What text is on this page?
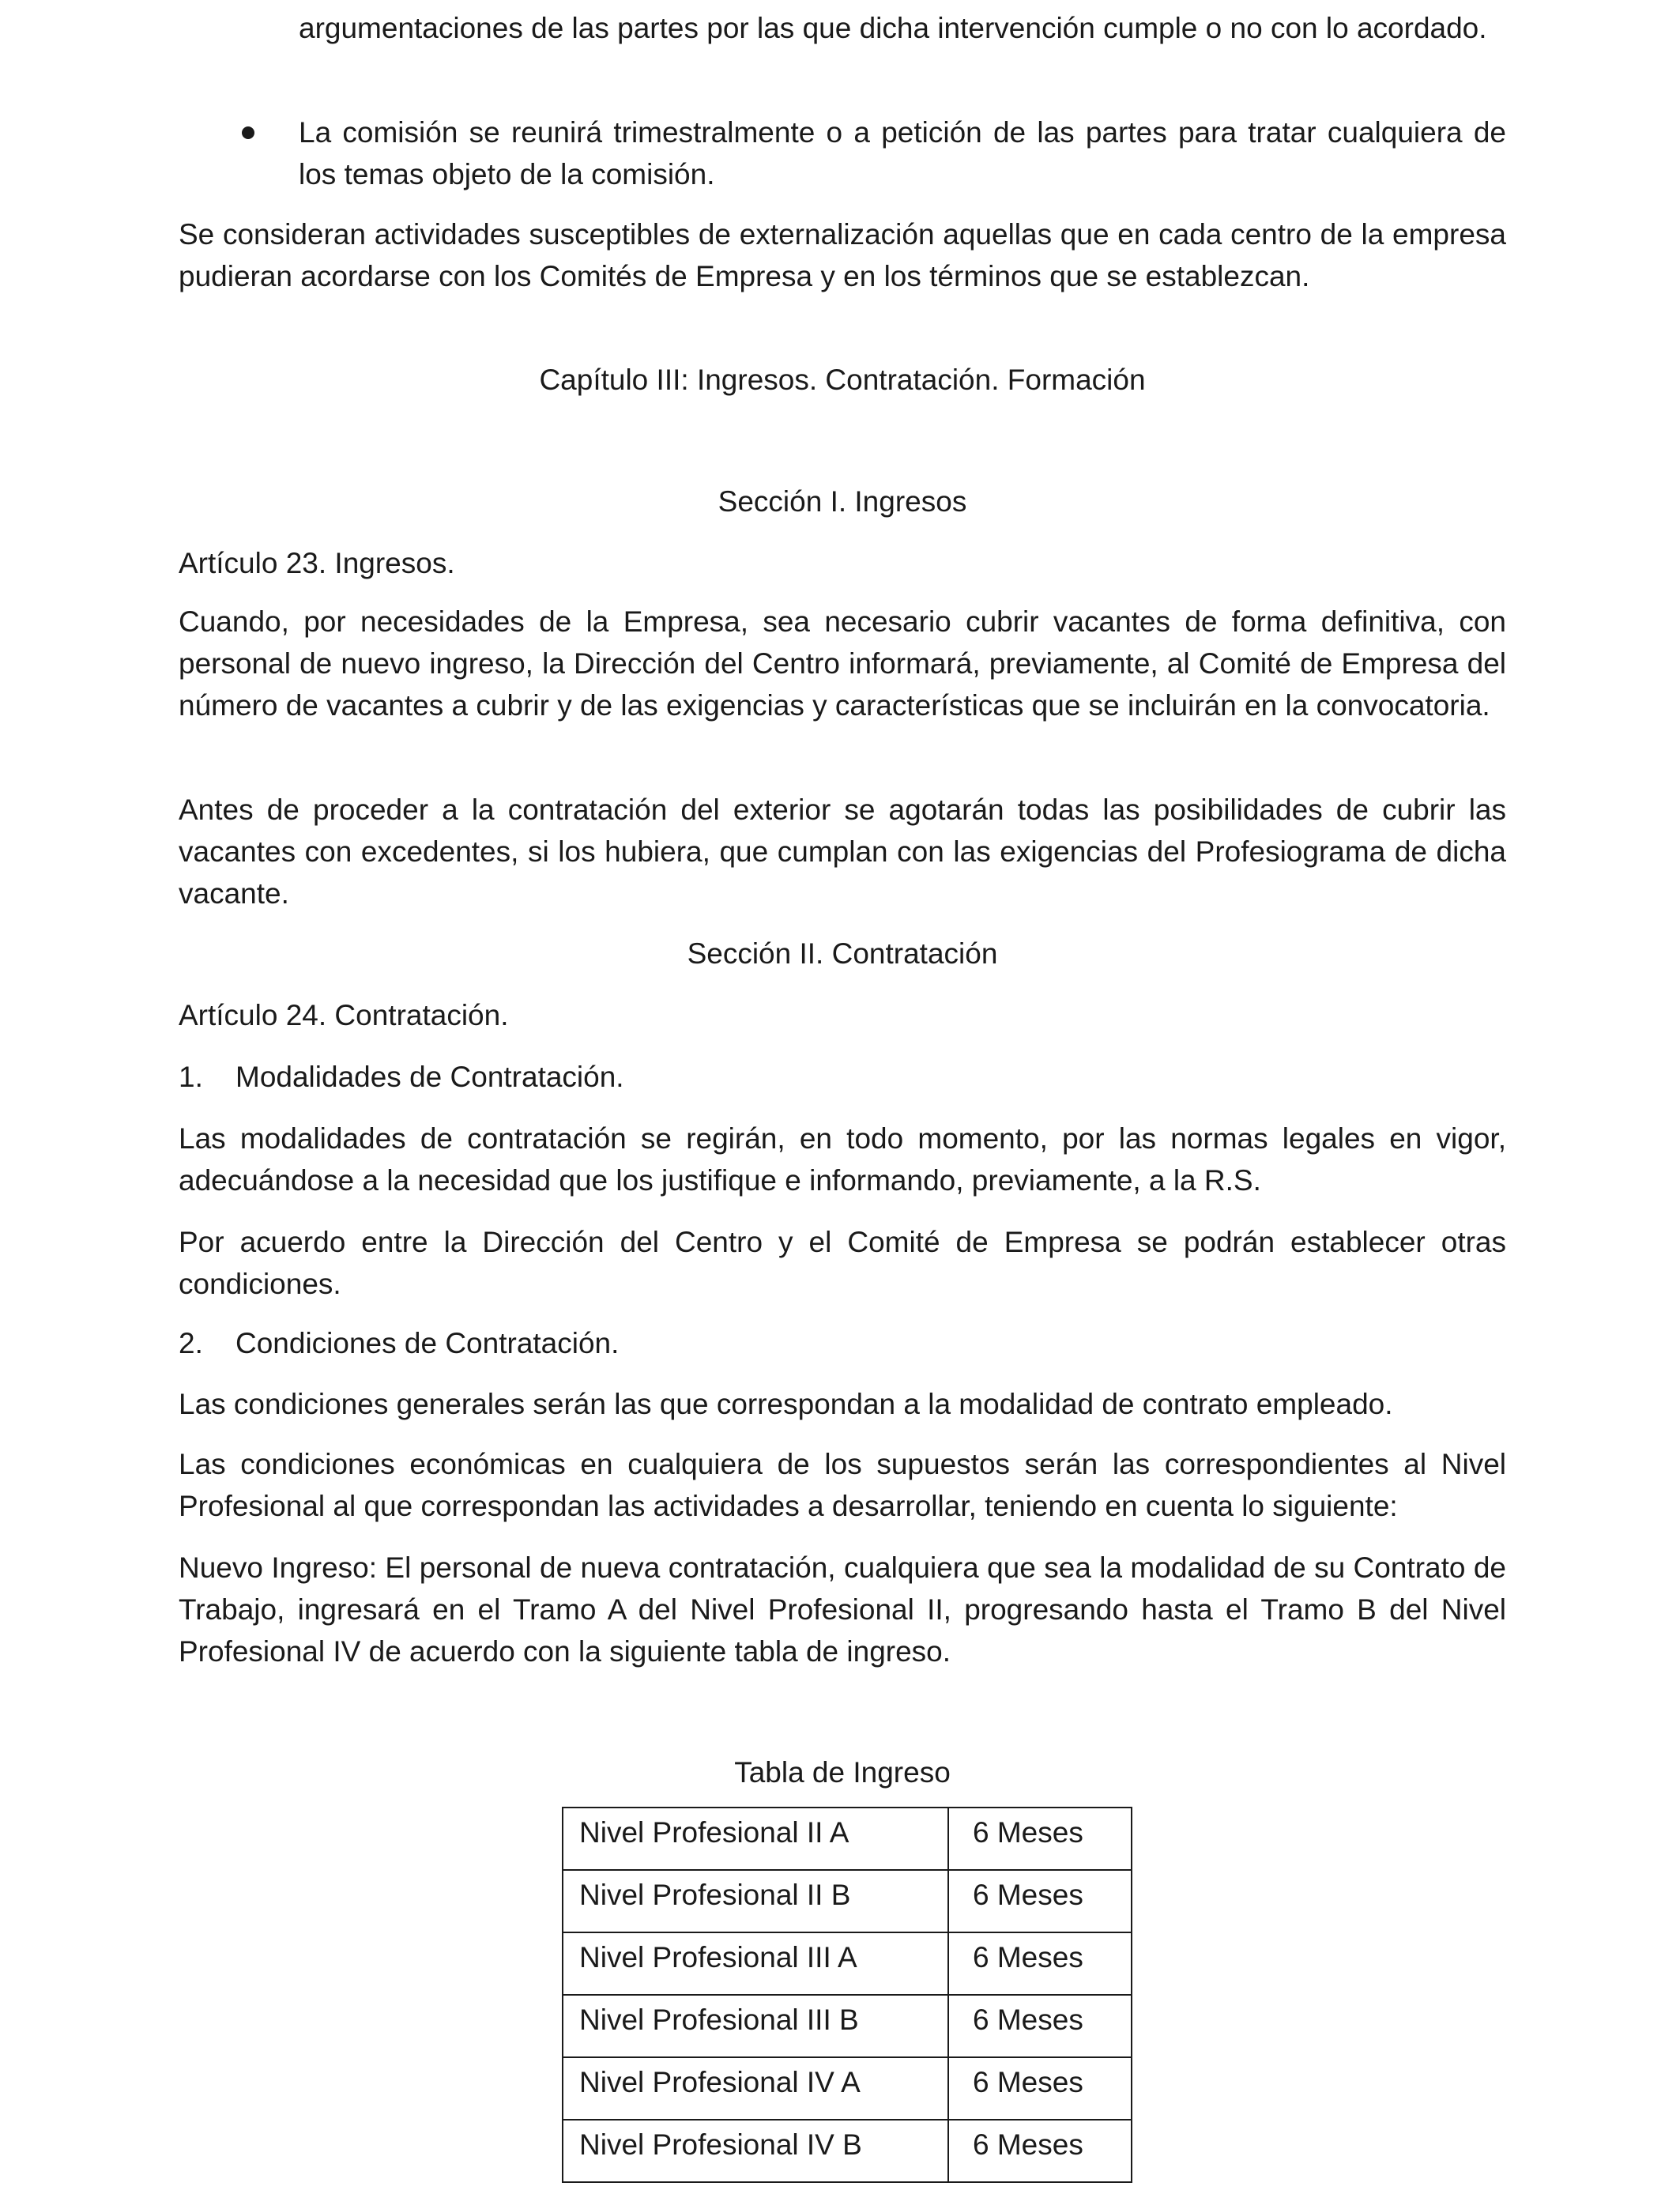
argumentaciones de las partes por las que dicha intervención cumple o no con lo acordado.

La comisión se reunirá trimestralmente o a petición de las partes para tratar cualquiera de los temas objeto de la comisión.

Se consideran actividades susceptibles de externalización aquellas que en cada centro de la empresa pudieran acordarse con los Comités de Empresa y en los términos que se establezcan.

Capítulo III: Ingresos. Contratación. Formación

Sección I. Ingresos

Artículo 23. Ingresos.

Cuando, por necesidades de la Empresa, sea necesario cubrir vacantes de forma definitiva, con personal de nuevo ingreso, la Dirección del Centro informará, previamente, al Comité de Empresa del número de vacantes a cubrir y de las exigencias y características que se incluirán en la convocatoria.

Antes de proceder a la contratación del exterior se agotarán todas las posibilidades de cubrir las vacantes con excedentes, si los hubiera, que cumplan con las exigencias del Profesiograma de dicha vacante.

Sección II. Contratación

Artículo 24. Contratación.

1. Modalidades de Contratación.

Las modalidades de contratación se regirán, en todo momento, por las normas legales en vigor, adecuándose a la necesidad que los justifique e informando, previamente, a la R.S.

Por acuerdo entre la Dirección del Centro y el Comité de Empresa se podrán establecer otras condiciones.

2. Condiciones de Contratación.

Las condiciones generales serán las que correspondan a la modalidad de contrato empleado.

Las condiciones económicas en cualquiera de los supuestos serán las correspondientes al Nivel Profesional al que correspondan las actividades a desarrollar, teniendo en cuenta lo siguiente:

Nuevo Ingreso: El personal de nueva contratación, cualquiera que sea la modalidad de su Contrato de Trabajo, ingresará en el Tramo A del Nivel Profesional II, progresando hasta el Tramo B del Nivel Profesional IV de acuerdo con la siguiente tabla de ingreso.

Tabla de Ingreso
Nivel Profesional II A	6 Meses
Nivel Profesional II B	6 Meses
Nivel Profesional III A	6 Meses
Nivel Profesional III B	6 Meses
Nivel Profesional IV A	6 Meses
Nivel Profesional IV B	6 Meses
